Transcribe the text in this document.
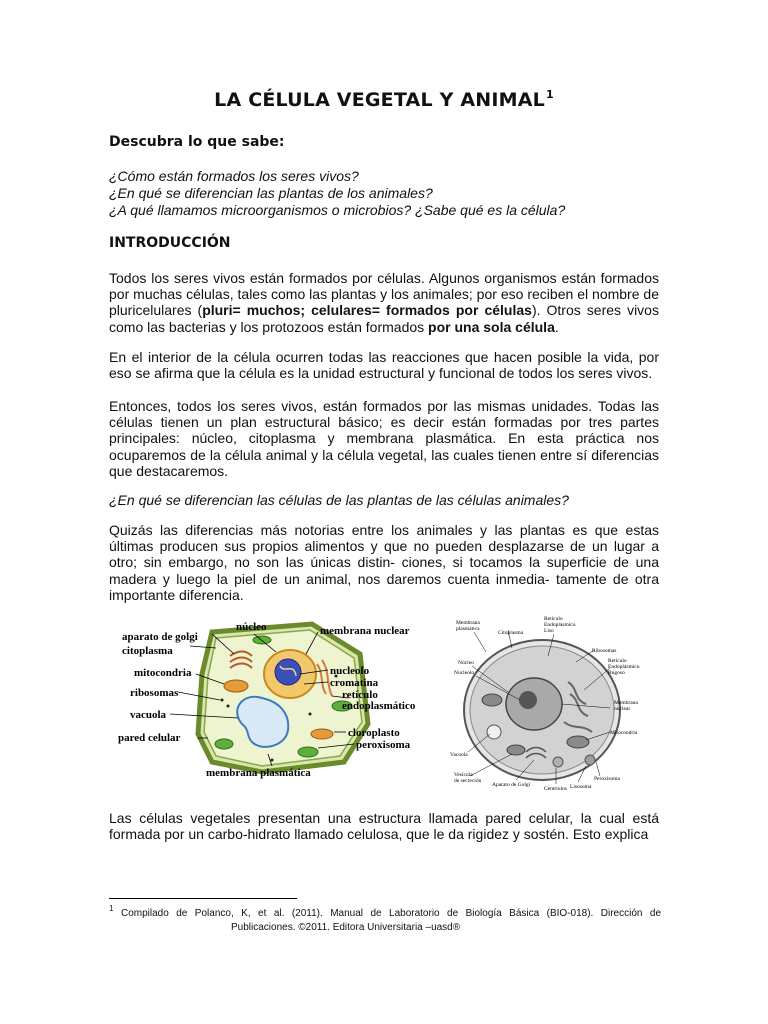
LA CÉLULA VEGETAL Y ANIMAL$^1$
Descubra lo que sabe:
¿Cómo están formados los seres vivos?
¿En qué se diferencian las plantas de los animales?
¿A qué llamamos microorganismos o microbios? ¿Sabe qué es la célula?
INTRODUCCIÓN
Todos los seres vivos están formados por células. Algunos organismos están formados por muchas células, tales como las plantas y los animales; por eso reciben el nombre de pluricelulares (pluri= muchos; celulares= formados por células). Otros seres vivos como las bacterias y los protozoos están formados por una sola célula.
En el interior de la célula ocurren todas las reacciones que hacen posible la vida, por eso se afirma que la célula es la unidad estructural y funcional de todos los seres vivos.
Entonces, todos los seres vivos, están formados por las mismas unidades. Todas las células tienen un plan estructural básico; es decir están formadas por tres partes principales: núcleo, citoplasma y membrana plasmática. En esta práctica nos ocuparemos de la célula animal y la célula vegetal, las cuales tienen entre sí diferencias que destacaremos.
¿En qué se diferencian las células de las plantas de las células animales?
Quizás las diferencias más notorias entre los animales y las plantas es que estas últimas producen sus propios alimentos y que no pueden desplazarse de un lugar a otro; sin embargo, no son las únicas distin- ciones, si tocamos la superficie de una madera y luego la piel de un animal, nos daremos cuenta inmedia- tamente de otra importante diferencia.
aparato de golgi
citoplasma
mitocondria
ribosomas
vacuola
pared celular
membrana plasmática
núcleo	membrana nuclear
nucleolo
cromatina
retículo
endoplasmático
cloroplasto
peroxisoma
Membrana plasmática
Citoplasma
Retículo Endoplásmico Liso
Ribosomas
Retículo Endoplásmico Rugoso
Núcleo
Nucleolo
Membrana nuclear
Mitocondria
Vacuola
Vesícula de secreción
Aparato de Golgi
Centriolos Lisosoma
Peroxisoma
Las células vegetales presentan una estructura llamada pared celular, la cual está formada por un carbo-hidrato llamado celulosa, que le da rigidez y sostén. Esto explica
1 Compilado de Polanco, K, et al. (2011). Manual de Laboratorio de Biología Básica (BIO-018). Dirección de
Publicaciones. ©2011. Editora Universitaria –uasd®
